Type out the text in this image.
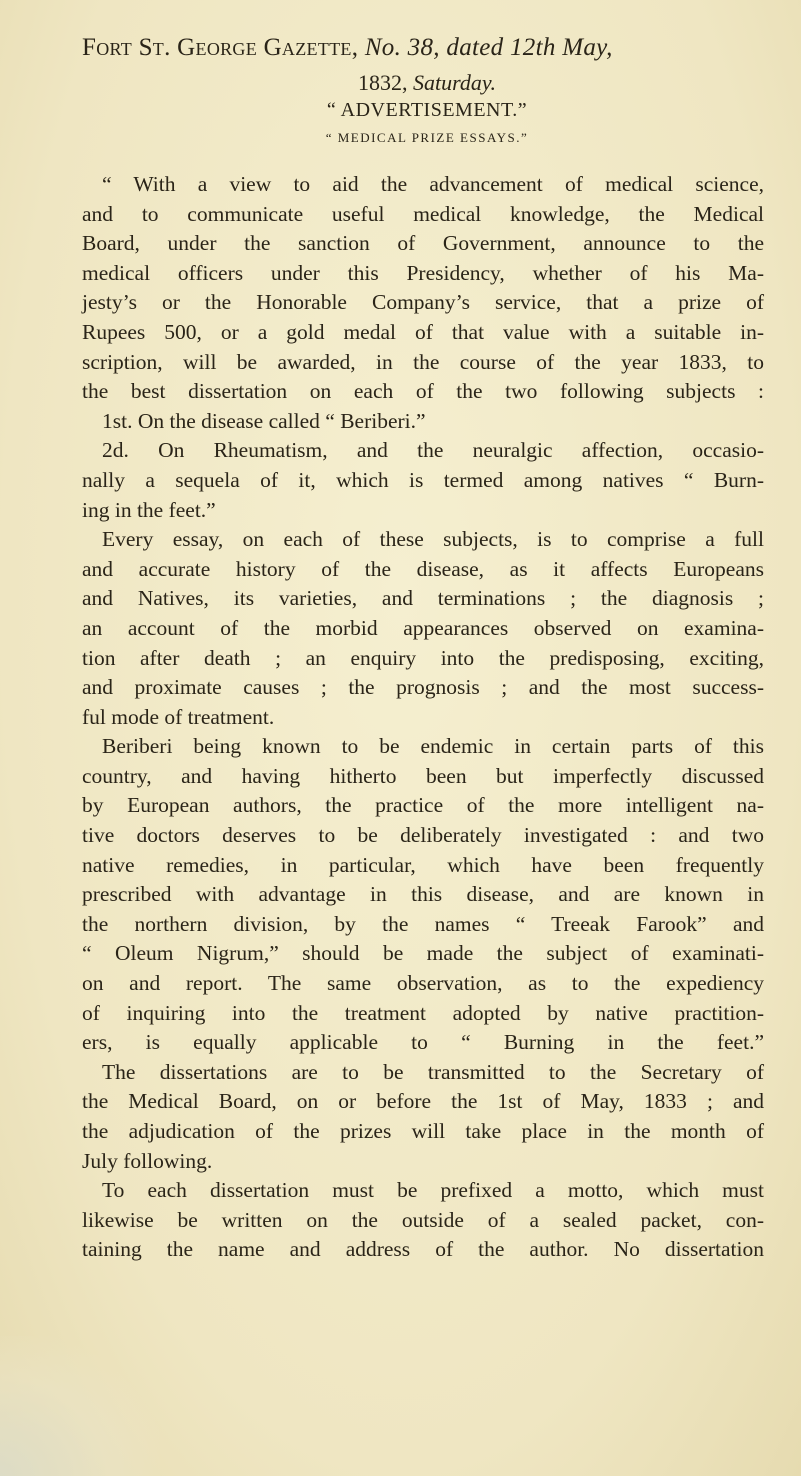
Fort St. George Gazette, No. 38, dated 12th May,
1832, Saturday.
“ ADVERTISEMENT.”
“ MEDICAL PRIZE ESSAYS.”
“ With a view to aid the advancement of medical science,
and to communicate useful medical knowledge, the Medical
Board, under the sanction of Government, announce to the
medical officers under this Presidency, whether of his Ma-
jesty’s or the Honorable Company’s service, that a prize of
Rupees 500, or a gold medal of that value with a suitable in-
scription, will be awarded, in the course of the year 1833, to
the best dissertation on each of the two following subjects :
1st. On the disease called “ Beriberi.”
2d. On Rheumatism, and the neuralgic affection, occasio-
nally a sequela of it, which is termed among natives “ Burn-
ing in the feet.”
Every essay, on each of these subjects, is to comprise a full
and accurate history of the disease, as it affects Europeans
and Natives, its varieties, and terminations ; the diagnosis ;
an account of the morbid appearances observed on examina-
tion after death ; an enquiry into the predisposing, exciting,
and proximate causes ; the prognosis ; and the most success-
ful mode of treatment.
Beriberi being known to be endemic in certain parts of this
country, and having hitherto been but imperfectly discussed
by European authors, the practice of the more intelligent na-
tive doctors deserves to be deliberately investigated : and two
native remedies, in particular, which have been frequently
prescribed with advantage in this disease, and are known in
the northern division, by the names “ Treeak Farook” and
“ Oleum Nigrum,” should be made the subject of examinati-
on and report. The same observation, as to the expediency
of inquiring into the treatment adopted by native practition-
ers, is equally applicable to “ Burning in the feet.”
The dissertations are to be transmitted to the Secretary of
the Medical Board, on or before the 1st of May, 1833 ; and
the adjudication of the prizes will take place in the month of
July following.
To each dissertation must be prefixed a motto, which must
likewise be written on the outside of a sealed packet, con-
taining the name and address of the author. No dissertation
